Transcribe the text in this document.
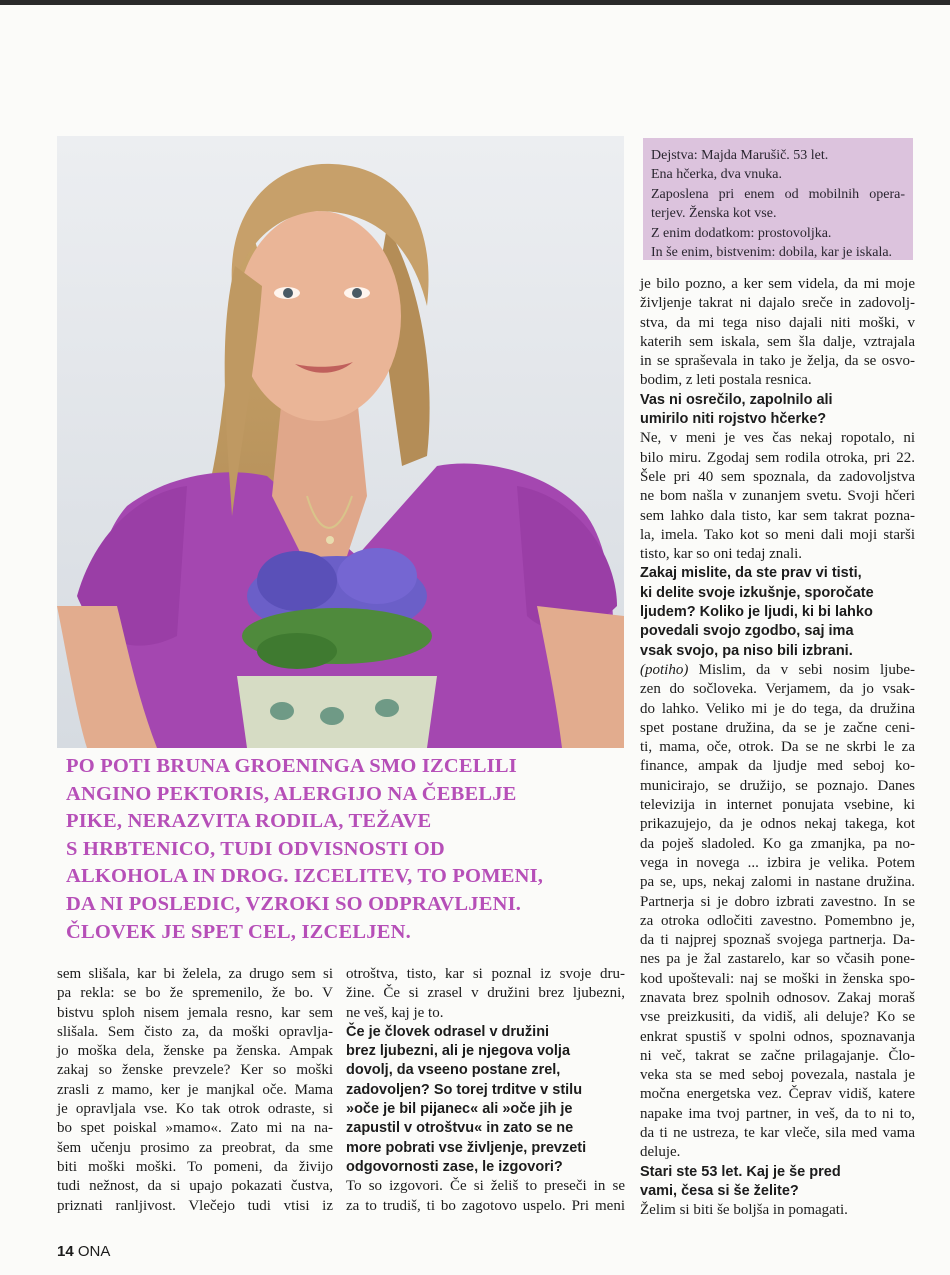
Dejstva: Majda Marušič. 53 let.

Ena hčerka, dva vnuka.

Zaposlena pri enem od mobilnih opera-

terjev. Ženska kot vse.

Z enim dodatkom: prostovoljka.

In še enim, bistvenim: dobila, kar je iskala.

PO POTI BRUNA GROENINGA SMO IZCELILI
ANGINO PEKTORIS, ALERGIJO NA ČEBELJE
PIKE, NERAZVITA RODILA, TEŽAVE
S HRBTENICO, TUDI ODVISNOSTI OD
ALKOHOLA IN DROG. IZCELITEV, TO POMENI,
DA NI POSLEDIC, VZROKI SO ODPRAVLJENI.
ČLOVEK JE SPET CEL, IZCELJEN.
sem slišala, kar bi želela, za drugo sem si
pa rekla: se bo že spremenilo, že bo. V
bistvu sploh nisem jemala resno, kar sem
slišala. Sem čisto za, da moški opravlja-
jo moška dela, ženske pa ženska. Ampak
zakaj so ženske prevzele? Ker so moški
zrasli z mamo, ker je manjkal oče. Mama
je opravljala vse. Ko tak otrok odraste, si
bo spet poiskal »mamo«. Zato mi na na-
šem učenju prosimo za preobrat, da sme
biti moški moški. To pomeni, da živijo
tudi nežnost, da si upajo pokazati čustva,
priznati ranljivost. Vlečejo tudi vtisi iz
otroštva, tisto, kar si poznal iz svoje dru-
žine. Če si zrasel v družini brez ljubezni,
ne veš, kaj je to.
Če je človek odrasel v družini
brez ljubezni, ali je njegova volja
dovolj, da vseeno postane zrel,
zadovoljen? So torej trditve v stilu
»oče je bil pijanec« ali »oče jih je
zapustil v otroštvu« in zato se ne
more pobrati vse življenje, prevzeti
odgovornosti zase, le izgovori?
To so izgovori. Če si želiš to preseči in se
za to trudiš, ti bo zagotovo uspelo. Pri meni
je bilo pozno, a ker sem videla, da mi moje
življenje takrat ni dajalo sreče in zadovolj-
stva, da mi tega niso dajali niti moški, v
katerih sem iskala, sem šla dalje, vztrajala
in se spraševala in tako je želja, da se osvo-
bodim, z leti postala resnica.
Vas ni osrečilo, zapolnilo ali
umirilo niti rojstvo hčerke?
Ne, v meni je ves čas nekaj ropotalo, ni
bilo miru. Zgodaj sem rodila otroka, pri 22.
Šele pri 40 sem spoznala, da zadovoljstva
ne bom našla v zunanjem svetu. Svoji hčeri
sem lahko dala tisto, kar sem takrat pozna-
la, imela. Tako kot so meni dali moji starši
tisto, kar so oni tedaj znali.
Zakaj mislite, da ste prav vi tisti,
ki delite svoje izkušnje, sporočate
ljudem? Koliko je ljudi, ki bi lahko
povedali svojo zgodbo, saj ima
vsak svojo, pa niso bili izbrani.
(potiho) Mislim, da v sebi nosim ljube-
zen do sočloveka. Verjamem, da jo vsak-
do lahko. Veliko mi je do tega, da družina
spet postane družina, da se je začne ceni-
ti, mama, oče, otrok. Da se ne skrbi le za
finance, ampak da ljudje med seboj ko-
municirajo, se družijo, se poznajo. Danes
televizija in internet ponujata vsebine, ki
prikazujejo, da je odnos nekaj takega, kot
da poješ sladoled. Ko ga zmanjka, pa no-
vega in novega ... izbira je velika. Potem
pa se, ups, nekaj zalomi in nastane družina.
Partnerja si je dobro izbrati zavestno. In se
za otroka odločiti zavestno. Pomembno je,
da ti najprej spoznaš svojega partnerja. Da-
nes pa je žal zastarelo, kar so včasih pone-
kod upoštevali: naj se moški in ženska spo-
znavata brez spolnih odnosov. Zakaj moraš
vse preizkusiti, da vidiš, ali deluje? Ko se
enkrat spustiš v spolni odnos, spoznavanja
ni več, takrat se začne prilagajanje. Člo-
veka sta se med seboj povezala, nastala je
močna energetska vez. Čeprav vidiš, katere
napake ima tvoj partner, in veš, da to ni to,
da ti ne ustreza, te kar vleče, sila med vama
deluje.
Stari ste 53 let. Kaj je še pred
vami, česa si še želite?
Želim si biti še boljša in pomagati.
14 ONA
